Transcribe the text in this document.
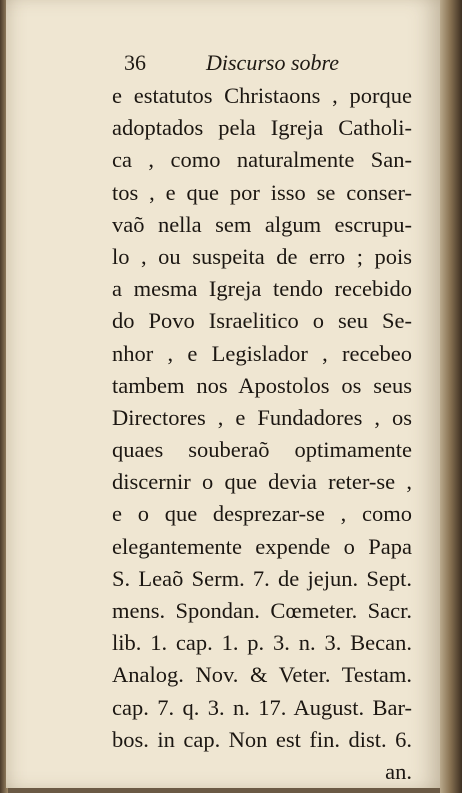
36	Discurso sobre
e estatutos Christaons , porque
adoptados pela Igreja Catholi-
ca , como naturalmente San-
tos , e que por isso se conser-
vaõ nella sem algum escrupu-
lo , ou suspeita de erro ; pois
a mesma Igreja tendo recebido
do Povo Israelitico o seu Se-
nhor , e Legislador , recebeo
tambem nos Apostolos os seus
Directores , e Fundadores , os
quaes souberaõ optimamente
discernir o que devia reter-se ,
e o que desprezar-se , como
elegantemente expende o Papa
S. Leaõ Serm. 7. de jejun. Sept.
mens. Spondan. Cœmeter. Sacr.
lib. 1. cap. 1. p. 3. n. 3. Becan.
Analog. Nov. & Veter. Testam.
cap. 7. q. 3. n. 17. August. Bar-
bos. in cap. Non est fin. dist. 6.
an.
